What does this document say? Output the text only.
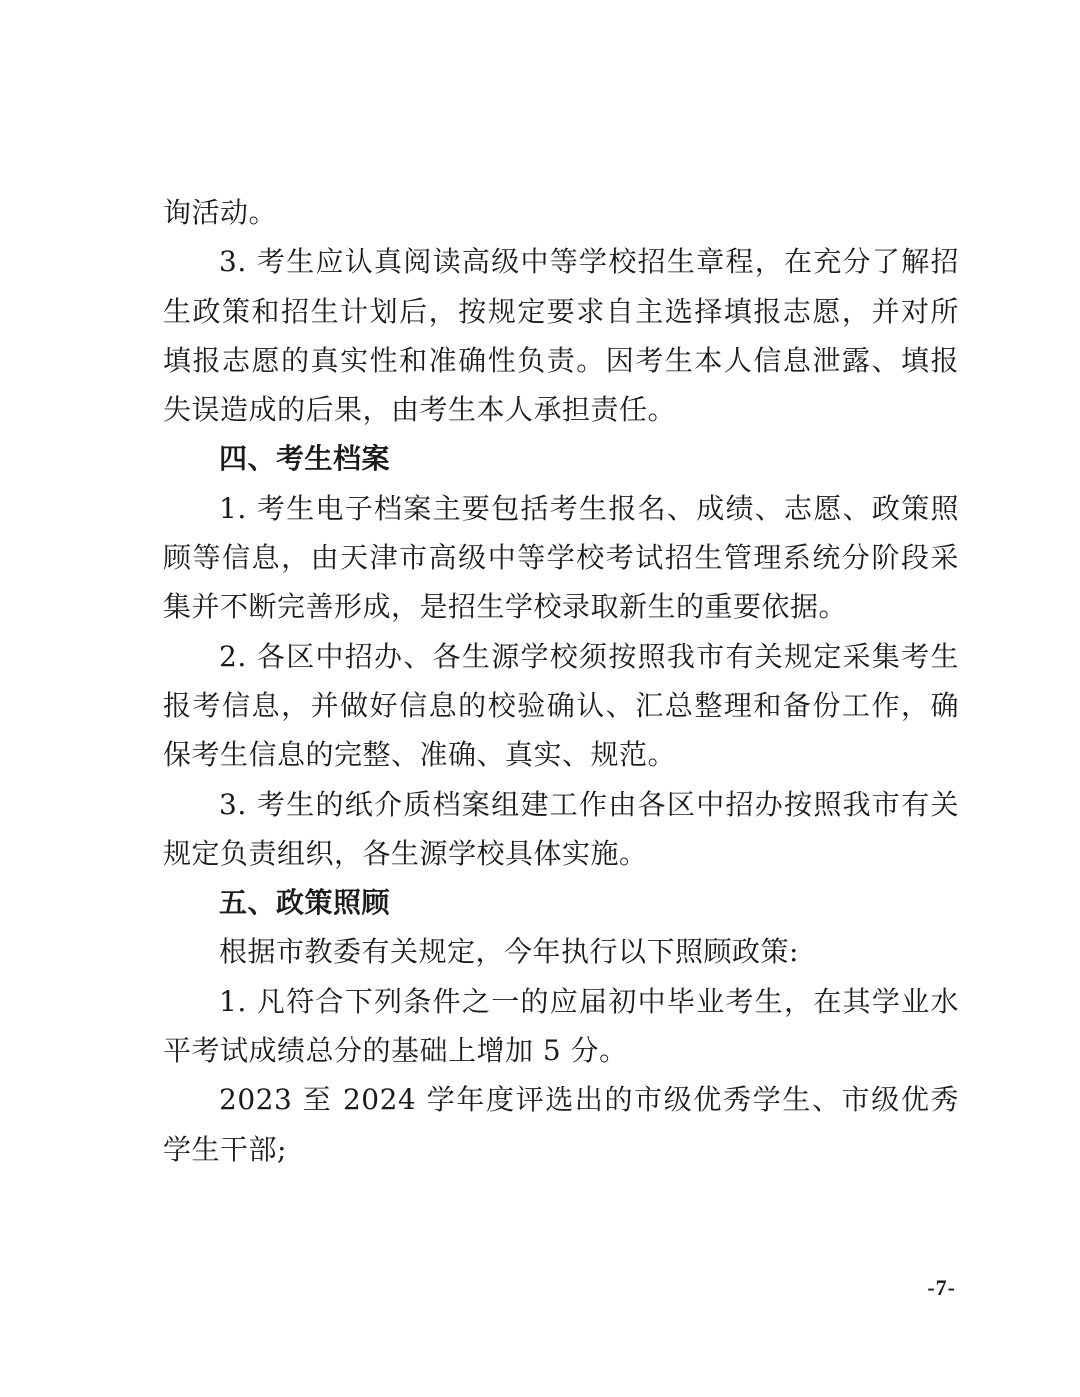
询活动。

3. 考生应认真阅读高级中等学校招生章程，在充分了解招生政策和招生计划后，按规定要求自主选择填报志愿，并对所填报志愿的真实性和准确性负责。因考生本人信息泄露、填报失误造成的后果，由考生本人承担责任。

四、考生档案

1. 考生电子档案主要包括考生报名、成绩、志愿、政策照顾等信息，由天津市高级中等学校考试招生管理系统分阶段采集并不断完善形成，是招生学校录取新生的重要依据。

2. 各区中招办、各生源学校须按照我市有关规定采集考生报考信息，并做好信息的校验确认、汇总整理和备份工作，确保考生信息的完整、准确、真实、规范。

3. 考生的纸介质档案组建工作由各区中招办按照我市有关规定负责组织，各生源学校具体实施。

五、政策照顾

根据市教委有关规定，今年执行以下照顾政策:

1. 凡符合下列条件之一的应届初中毕业考生，在其学业水平考试成绩总分的基础上增加 5 分。

2023 至 2024 学年度评选出的市级优秀学生、市级优秀学生干部;

-7-
